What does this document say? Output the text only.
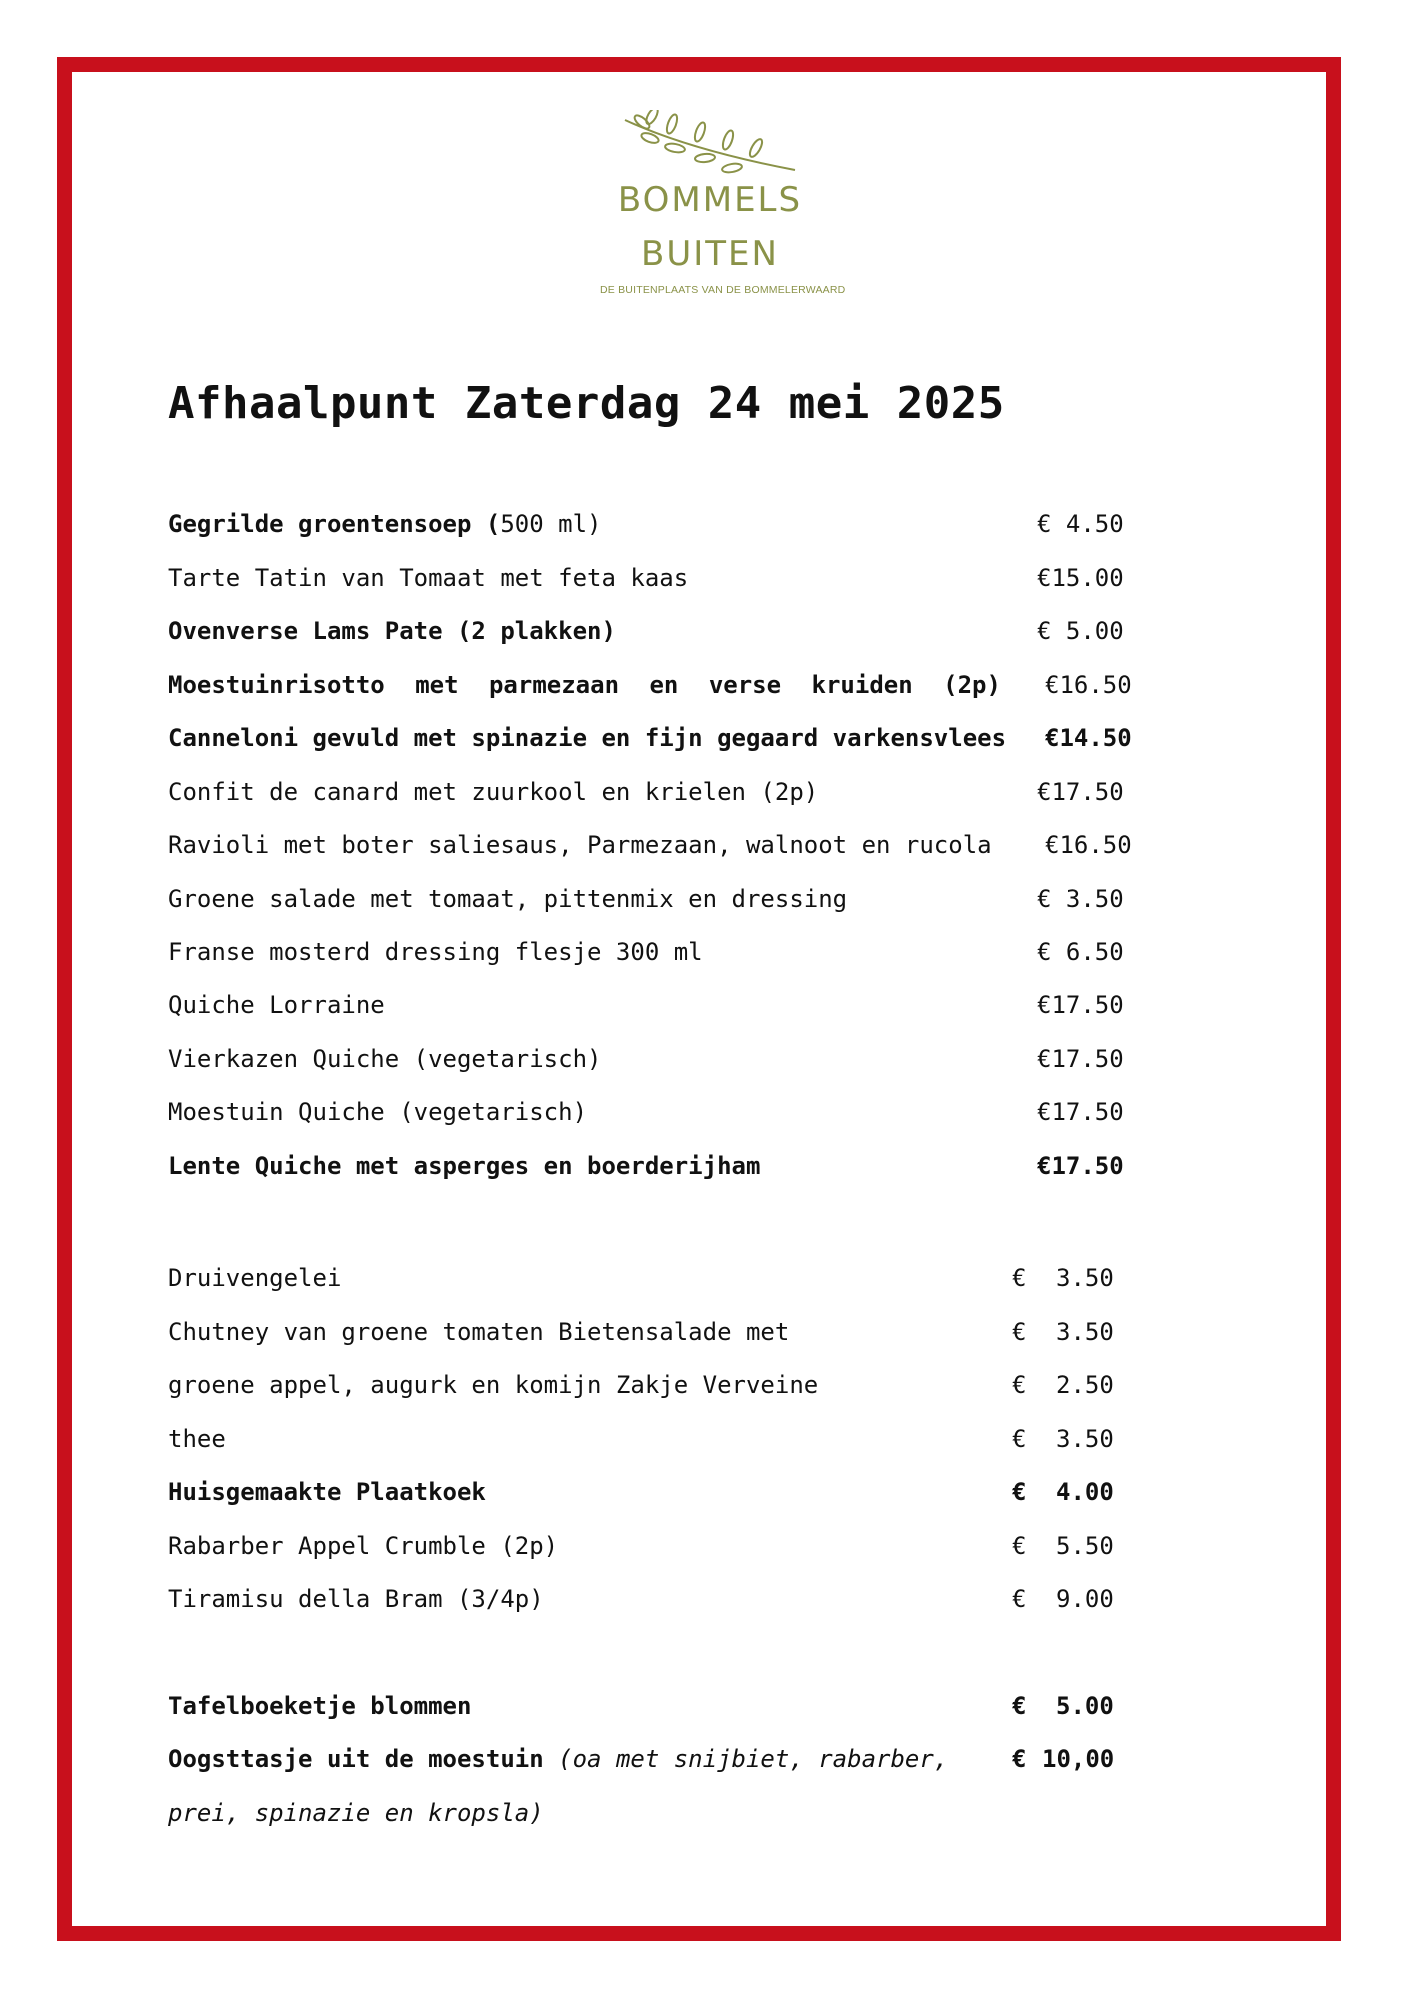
BOMMELS
BUITEN
DE BUITENPLAATS VAN DE BOMMELERWAARD
Afhaalpunt Zaterdag 24 mei 2025
Gegrilde groentensoep (500 ml)	€ 4.50
Tarte Tatin van Tomaat met feta kaas	€15.00
Ovenverse Lams Pate (2 plakken)	€ 5.00
Moestuinrisotto met parmezaan en verse kruiden (2p) €16.50
Canneloni gevuld met spinazie en fijn gegaard varkensvlees €14.50
Confit de canard met zuurkool en krielen (2p)	€17.50
Ravioli met boter saliesaus, Parmezaan, walnoot en rucola €16.50
Groene salade met tomaat, pittenmix en dressing	€ 3.50
Franse mosterd dressing flesje 300 ml	€ 6.50
Quiche Lorraine	€17.50
Vierkazen Quiche (vegetarisch)	€17.50
Moestuin Quiche (vegetarisch)	€17.50
Lente Quiche met asperges en boerderijham	€17.50
Druivengelei	€ 3.50
Chutney van groene tomaten Bietensalade met	€ 3.50
groene appel, augurk en komijn Zakje Verveine	€ 2.50
thee	€ 3.50
Huisgemaakte Plaatkoek	€ 4.00
Rabarber Appel Crumble (2p)	€ 5.50
Tiramisu della Bram (3/4p)	€ 9.00
Tafelboeketje blommen	€ 5.00
Oogsttasje uit de moestuin (oa met snijbiet, rabarber,	€ 10,00
prei, spinazie en kropsla)
